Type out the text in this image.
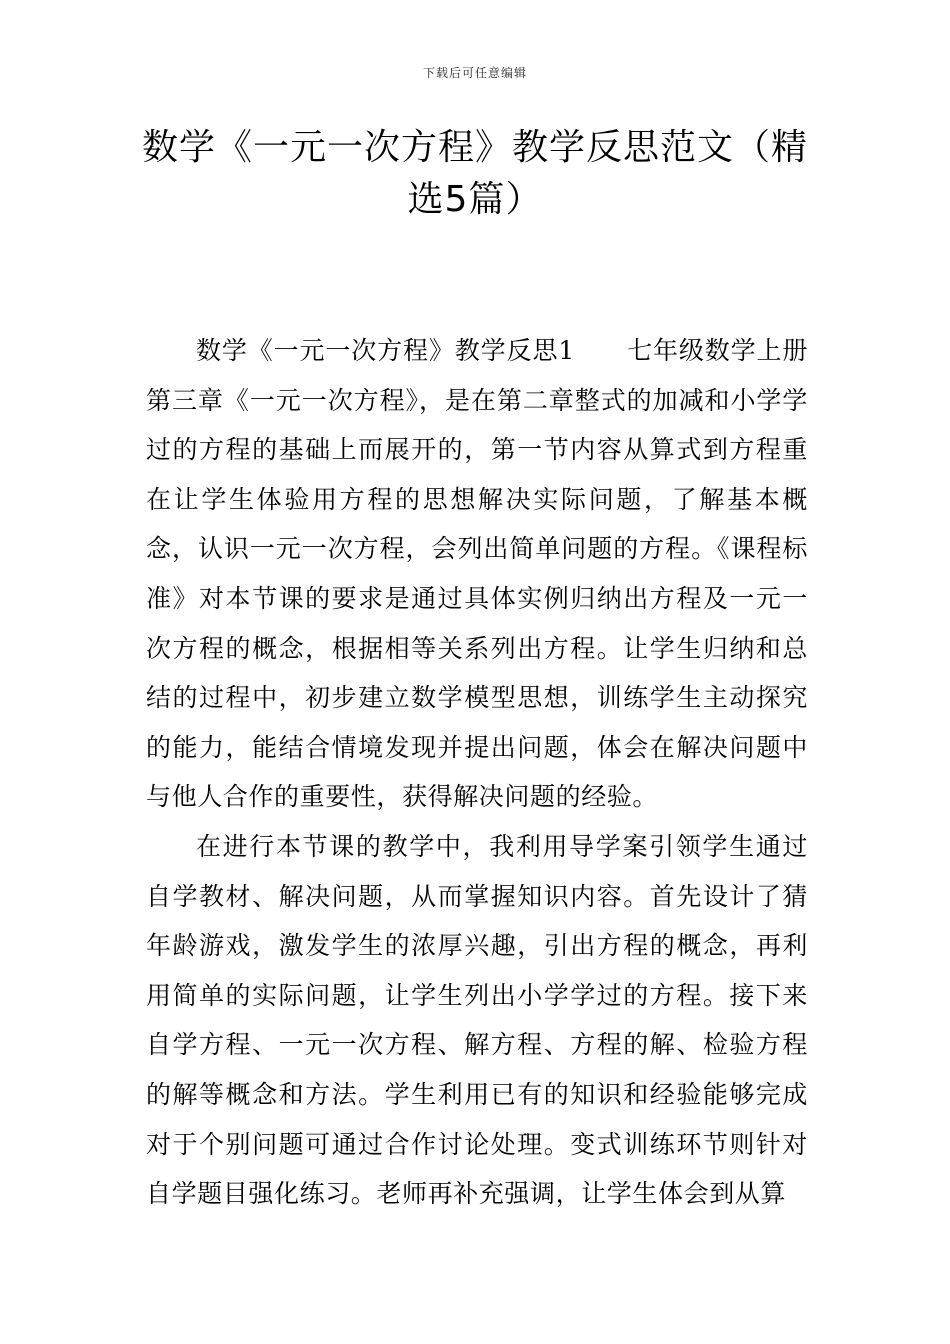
下载后可任意编辑
数学《一元一次方程》教学反思范文（精选5篇）

数学《一元一次方程》教学反思1 七年级数学上册第三章《一元一次方程》，是在第二章整式的加减和小学学过的方程的基础上而展开的，第一节内容从算式到方程重在让学生体验用方程的思想解决实际问题，了解基本概念，认识一元一次方程，会列出简单问题的方程。《课程标准》对本节课的要求是通过具体实例归纳出方程及一元一次方程的概念，根据相等关系列出方程。让学生归纳和总结的过程中，初步建立数学模型思想，训练学生主动探究的能力，能结合情境发现并提出问题，体会在解决问题中与他人合作的重要性，获得解决问题的经验。

在进行本节课的教学中，我利用导学案引领学生通过自学教材、解决问题，从而掌握知识内容。首先设计了猜年龄游戏，激发学生的浓厚兴趣，引出方程的概念，再利用简单的实际问题，让学生列出小学学过的方程。接下来自学方程、一元一次方程、解方程、方程的解、检验方程的解等概念和方法。学生利用已有的知识和经验能够完成对于个别问题可通过合作讨论处理。变式训练环节则针对自学题目强化练习。老师再补充强调，让学生体会到从算
